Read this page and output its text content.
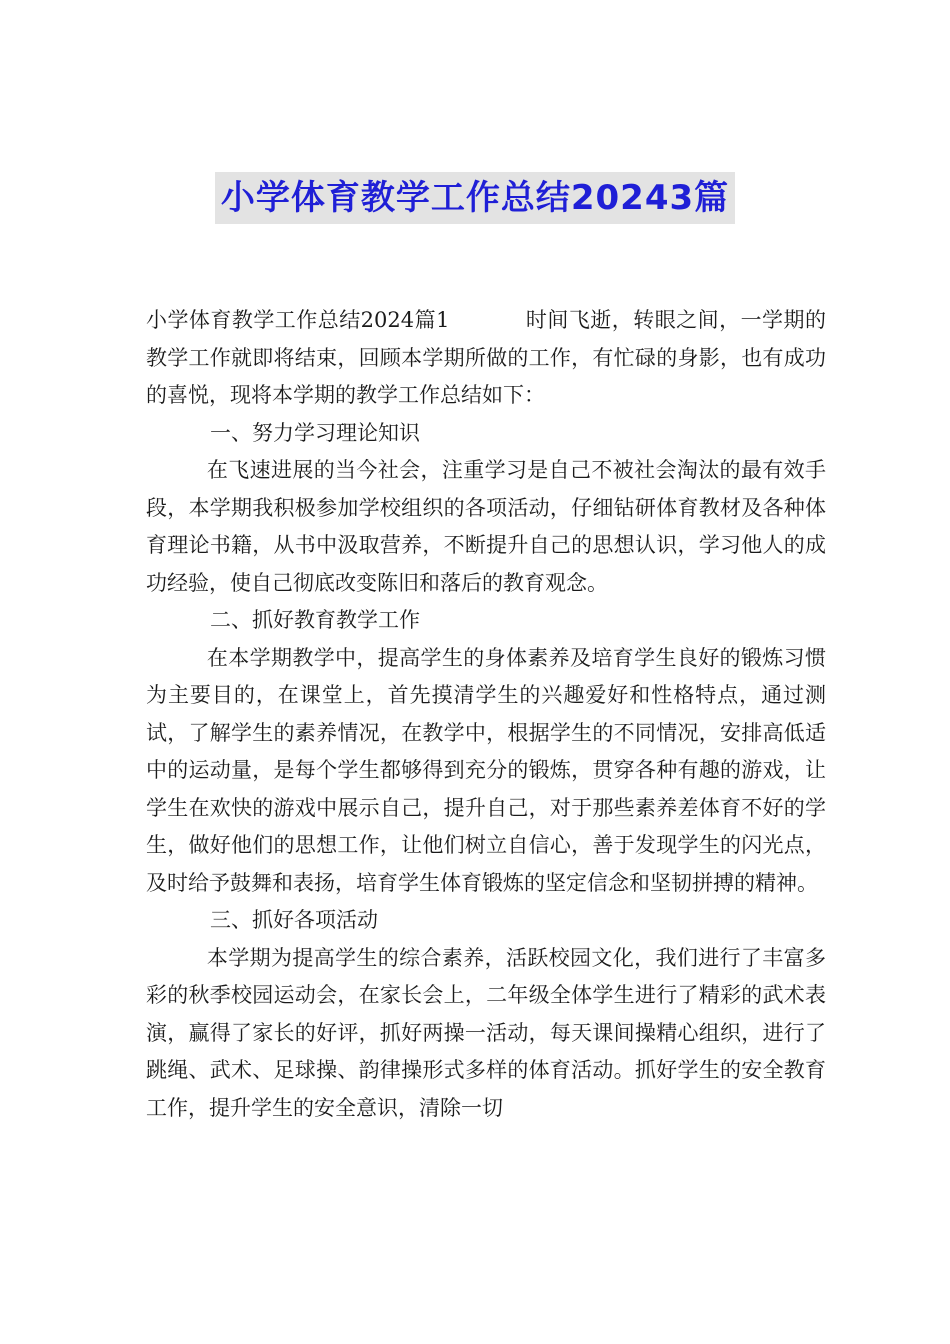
小学体育教学工作总结20243篇

小学体育教学工作总结2024篇1	时间飞逝，转眼之间，一学期的教学工作就即将结束，回顾本学期所做的工作，有忙碌的身影，也有成功的喜悦，现将本学期的教学工作总结如下：

一、努力学习理论知识

在飞速进展的当今社会，注重学习是自己不被社会淘汰的最有效手段，本学期我积极参加学校组织的各项活动，仔细钻研体育教材及各种体育理论书籍，从书中汲取营养，不断提升自己的思想认识，学习他人的成功经验，使自己彻底改变陈旧和落后的教育观念。

二、抓好教育教学工作

在本学期教学中，提高学生的身体素养及培育学生良好的锻炼习惯为主要目的，在课堂上，首先摸清学生的兴趣爱好和性格特点，通过测试，了解学生的素养情况，在教学中，根据学生的不同情况，安排高低适中的运动量，是每个学生都够得到充分的锻炼，贯穿各种有趣的游戏，让学生在欢快的游戏中展示自己，提升自己，对于那些素养差体育不好的学生，做好他们的思想工作，让他们树立自信心，善于发现学生的闪光点，及时给予鼓舞和表扬，培育学生体育锻炼的坚定信念和坚韧拼搏的精神。

三、抓好各项活动

本学期为提高学生的综合素养，活跃校园文化，我们进行了丰富多彩的秋季校园运动会，在家长会上，二年级全体学生进行了精彩的武术表演，赢得了家长的好评，抓好两操一活动，每天课间操精心组织，进行了跳绳、武术、足球操、韵律操形式多样的体育活动。抓好学生的安全教育工作，提升学生的安全意识，清除一切
